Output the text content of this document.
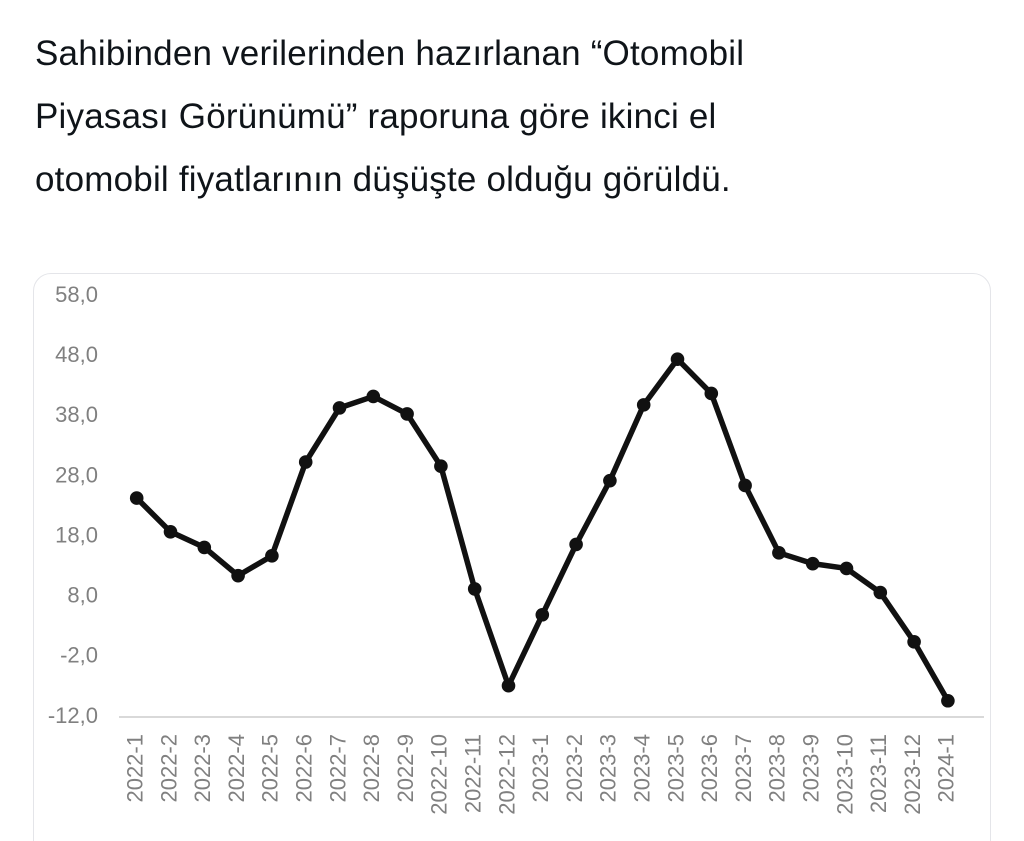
Sahibinden verilerinden hazırlanan “Otomobil
Piyasası Görünümü” raporuna göre ikinci el
otomobil fiyatlarının düşüşte olduğu görüldü.
58,0
48,0
38,0
28,0
18,0
8,0
-2,0
-12,0
2022-1 2022-2 2022-3 2022-4 2022-5 2022-6 2022-7 2022-8 2022-9 2022-10 2022-11 2022-12 2023-1 2023-2 2023-3 2023-4 2023-5 2023-6 2023-7 2023-8 2023-9 2023-10 2023-11 2023-12 2024-1
